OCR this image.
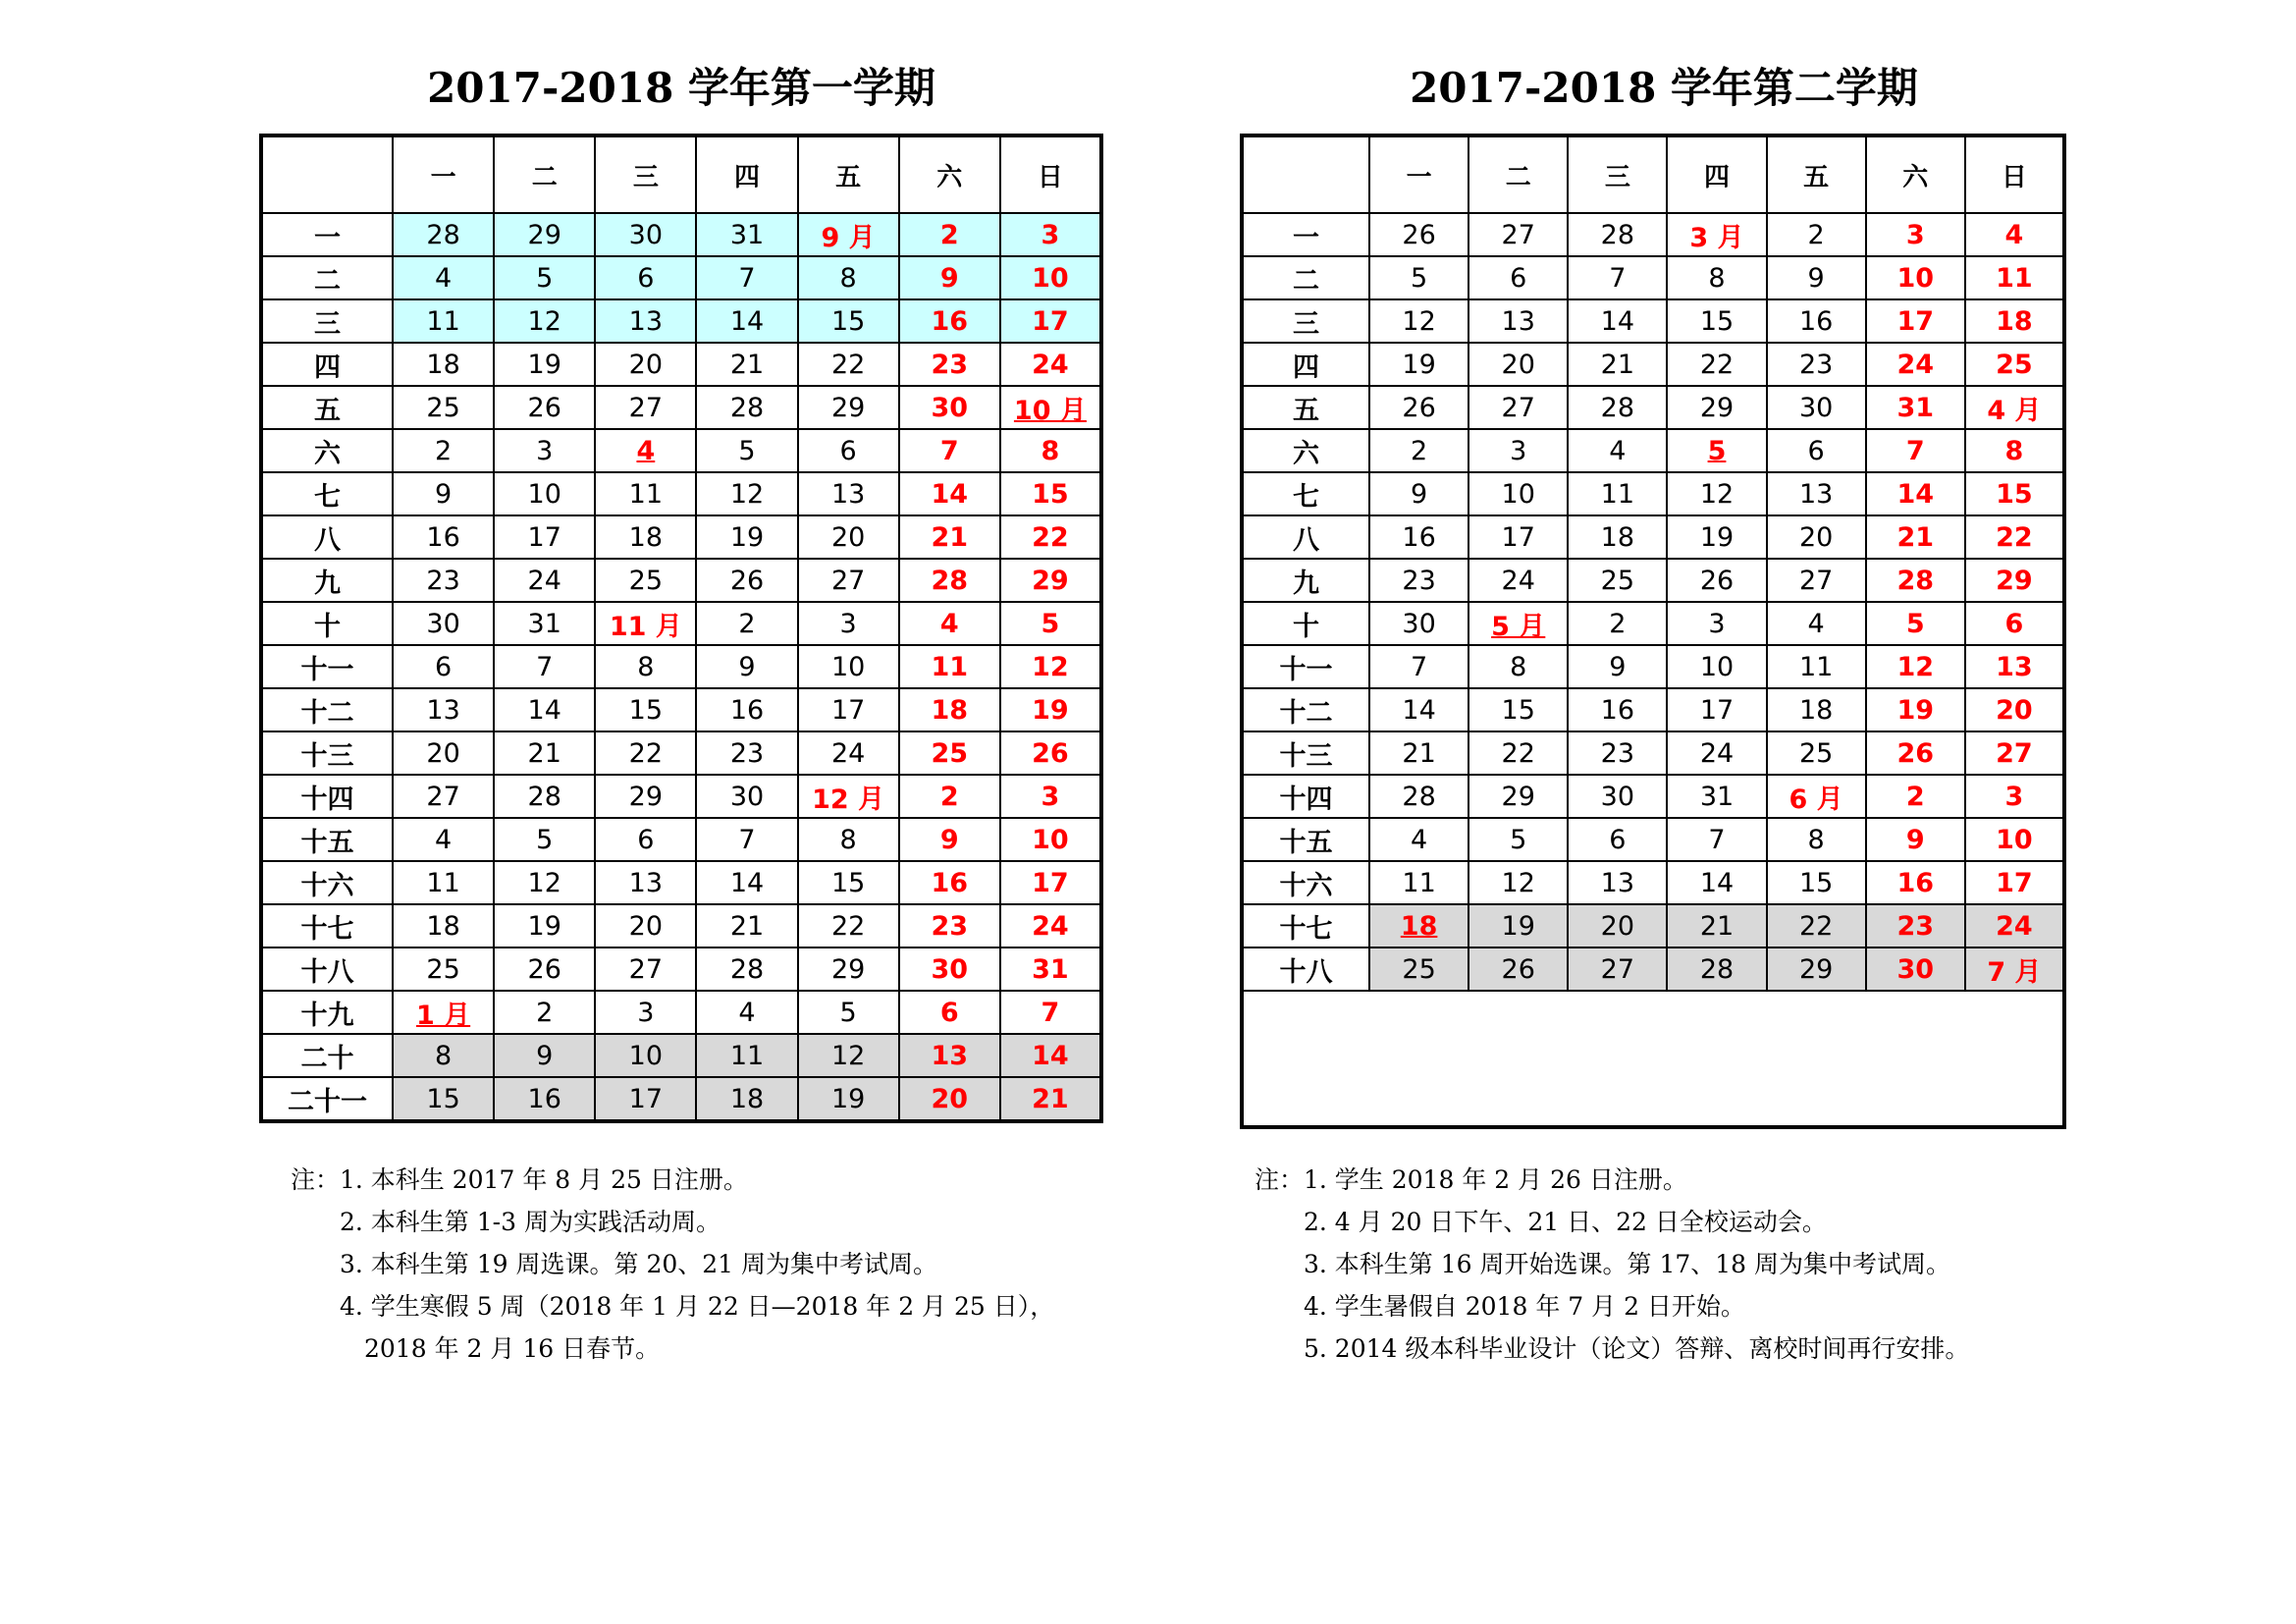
2017-2018 学年第一学期	2017-2018 学年第二学期
	一	二	三	四	五	六	日
一	28	29	30	31	9 月	2	3
二	4	5	6	7	8	9	10
三	11	12	13	14	15	16	17
四	18	19	20	21	22	23	24
五	25	26	27	28	29	30	10 月
六	2	3	4	5	6	7	8
七	9	10	11	12	13	14	15
八	16	17	18	19	20	21	22
九	23	24	25	26	27	28	29
十	30	31	11 月	2	3	4	5
十一	6	7	8	9	10	11	12
十二	13	14	15	16	17	18	19
十三	20	21	22	23	24	25	26
十四	27	28	29	30	12 月	2	3
十五	4	5	6	7	8	9	10
十六	11	12	13	14	15	16	17
十七	18	19	20	21	22	23	24
十八	25	26	27	28	29	30	31
十九	1 月	2	3	4	5	6	7
二十	8	9	10	11	12	13	14
二十一	15	16	17	18	19	20	21
	一	二	三	四	五	六	日
一	26	27	28	3 月	2	3	4
二	5	6	7	8	9	10	11
三	12	13	14	15	16	17	18
四	19	20	21	22	23	24	25
五	26	27	28	29	30	31	4 月
六	2	3	4	5	6	7	8
七	9	10	11	12	13	14	15
八	16	17	18	19	20	21	22
九	23	24	25	26	27	28	29
十	30	5 月	2	3	4	5	6
十一	7	8	9	10	11	12	13
十二	14	15	16	17	18	19	20
十三	21	22	23	24	25	26	27
十四	28	29	30	31	6 月	2	3
十五	4	5	6	7	8	9	10
十六	11	12	13	14	15	16	17
十七	18	19	20	21	22	23	24
十八	25	26	27	28	29	30	7 月

注：1. 本科生 2017 年 8 月 25 日注册。
　　2. 本科生第 1-3 周为实践活动周。
　　3. 本科生第 19 周选课。第 20、21 周为集中考试周。
　　4. 学生寒假 5 周（2018 年 1 月 22 日—2018 年 2 月 25 日），
　　　2018 年 2 月 16 日春节。
注：1. 学生 2018 年 2 月 26 日注册。
　　2. 4 月 20 日下午、21 日、22 日全校运动会。
　　3. 本科生第 16 周开始选课。第 17、18 周为集中考试周。
　　4. 学生暑假自 2018 年 7 月 2 日开始。
　　5. 2014 级本科毕业设计（论文）答辩、离校时间再行安排。
